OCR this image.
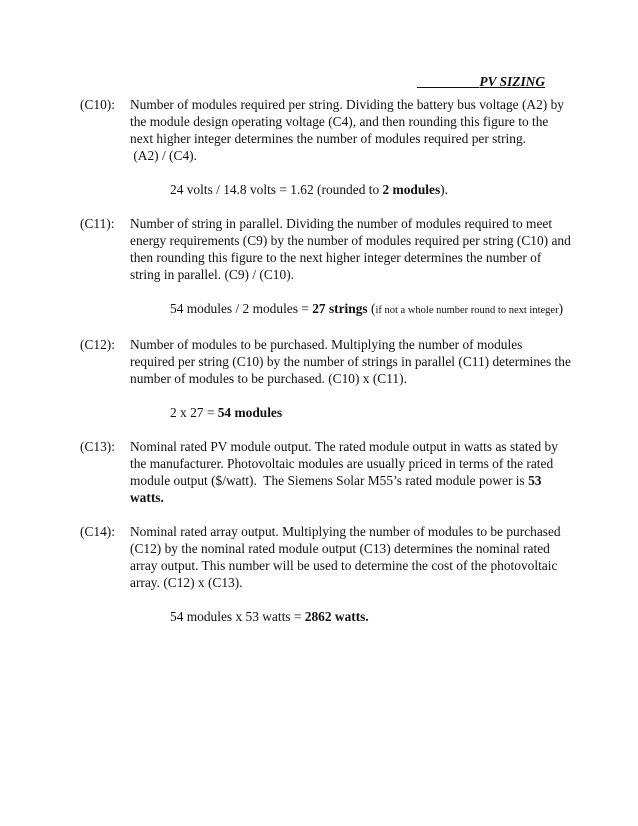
PV SIZING
(C10): Number of modules required per string. Dividing the battery bus voltage (A2) by
the module design operating voltage (C4), and then rounding this figure to the
next higher integer determines the number of modules required per string.
(A2) / (C4).
24 volts / 14.8 volts = 1.62 (rounded to 2 modules).
(C11): Number of string in parallel. Dividing the number of modules required to meet
energy requirements (C9) by the number of modules required per string (C10) and
then rounding this figure to the next higher integer determines the number of
string in parallel. (C9) / (C10).
54 modules / 2 modules = 27 strings (if not a whole number round to next integer)
(C12): Number of modules to be purchased. Multiplying the number of modules
required per string (C10) by the number of strings in parallel (C11) determines the
number of modules to be purchased. (C10) x (C11).
2 x 27 = 54 modules
(C13): Nominal rated PV module output. The rated module output in watts as stated by
the manufacturer. Photovoltaic modules are usually priced in terms of the rated
module output ($/watt).  The Siemens Solar M55’s rated module power is 53
watts.
(C14): Nominal rated array output. Multiplying the number of modules to be purchased
(C12) by the nominal rated module output (C13) determines the nominal rated
array output. This number will be used to determine the cost of the photovoltaic
array. (C12) x (C13).
54 modules x 53 watts = 2862 watts.
